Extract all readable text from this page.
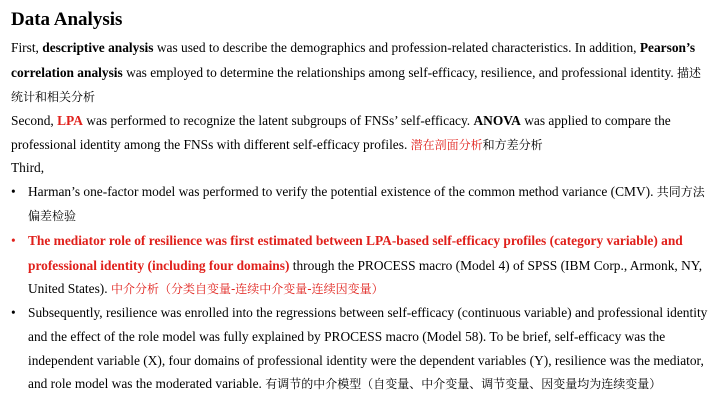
Data Analysis
First, descriptive analysis was used to describe the demographics and profession-related characteristics. In addition, Pearson’s
correlation analysis was employed to determine the relationships among self-efficacy, resilience, and professional identity. 描述
统计和相关分析
Second, LPA was performed to recognize the latent subgroups of FNSs’ self-efficacy. ANOVA was applied to compare the
professional identity among the FNSs with different self-efficacy profiles. 潜在剖面分析和方差分析
Third,
• Harman’s one-factor model was performed to verify the potential existence of the common method variance (CMV). 共同方法
偏差检验
• The mediator role of resilience was first estimated between LPA-based self-efficacy profiles (category variable) and
professional identity (including four domains) through the PROCESS macro (Model 4) of SPSS (IBM Corp., Armonk, NY,
United States). 中介分析（分类自变量-连续中介变量-连续因变量）
• Subsequently, resilience was enrolled into the regressions between self-efficacy (continuous variable) and professional identity
and the effect of the role model was fully explained by PROCESS macro (Model 58). To be brief, self-efficacy was the
independent variable (X), four domains of professional identity were the dependent variables (Y), resilience was the mediator,
and role model was the moderated variable. 有调节的中介模型（自变量、中介变量、调节变量、因变量均为连续变量）
